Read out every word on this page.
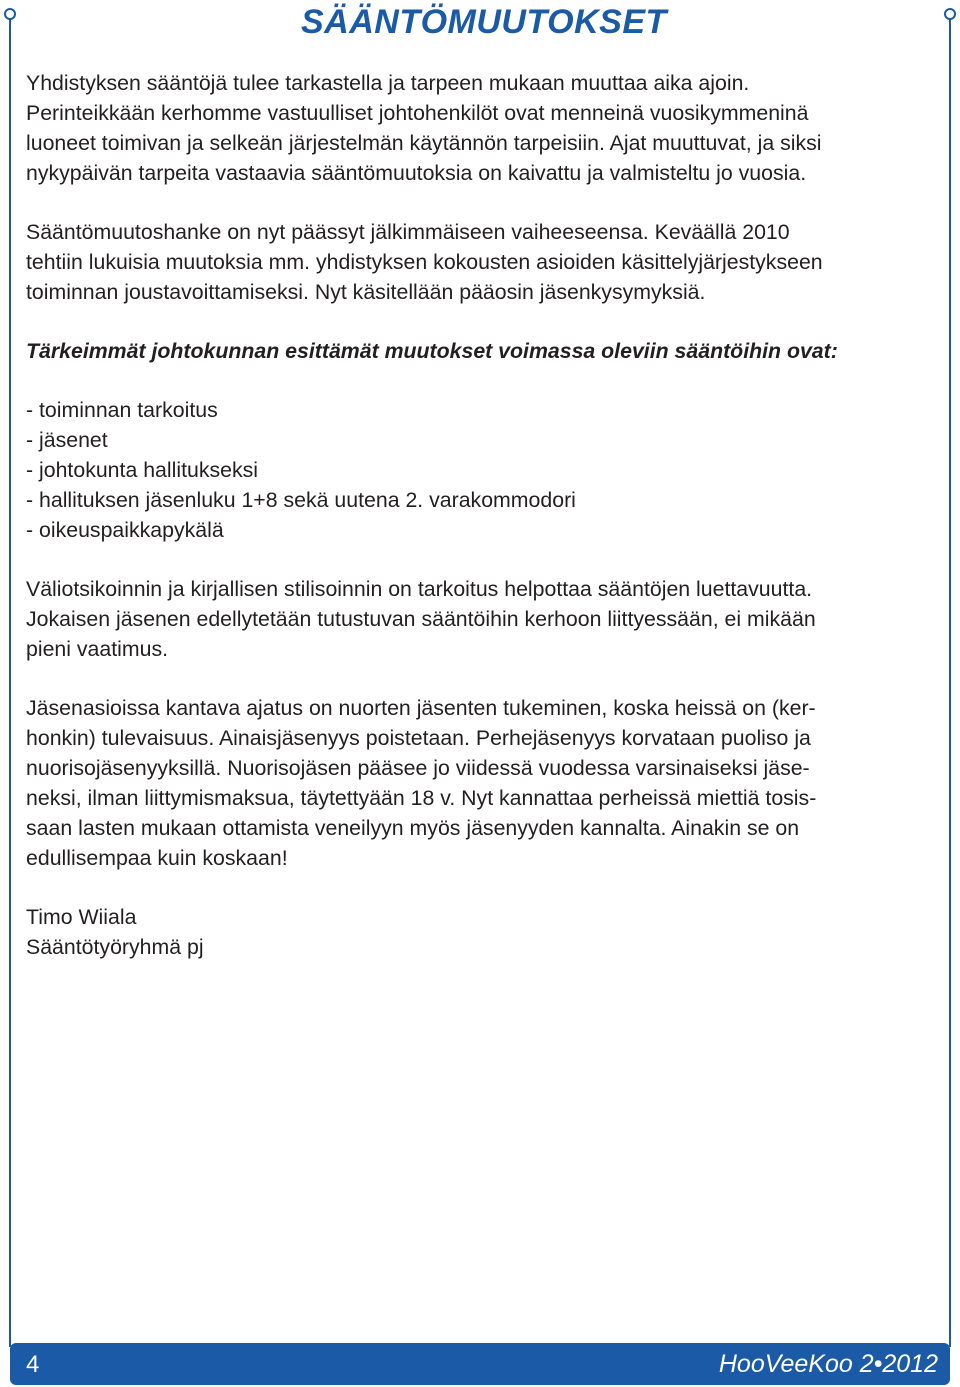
SÄÄNTÖMUUTOKSET
Yhdistyksen sääntöjä tulee tarkastella ja tarpeen mukaan muuttaa aika ajoin.
Perinteikkään kerhomme vastuulliset johtohenkilöt ovat menneinä vuosikymmeninä
luoneet toimivan ja selkeän järjestelmän käytännön tarpeisiin. Ajat muuttuvat, ja siksi
nykypäivän tarpeita vastaavia sääntömuutoksia on kaivattu ja valmisteltu jo vuosia.
Sääntömuutoshanke on nyt päässyt jälkimmäiseen vaiheeseensa. Keväällä 2010
tehtiin lukuisia muutoksia mm. yhdistyksen kokousten asioiden käsittelyjärjestykseen
toiminnan joustavoittamiseksi. Nyt käsitellään pääosin jäsenkysymyksiä.
Tärkeimmät johtokunnan esittämät muutokset voimassa oleviin sääntöihin ovat:
- toiminnan tarkoitus
- jäsenet
- johtokunta hallitukseksi
- hallituksen jäsenluku 1+8 sekä uutena 2. varakommodori
- oikeuspaikkapykälä
Väliotsikoinnin ja kirjallisen stilisoinnin on tarkoitus helpottaa sääntöjen luettavuutta.
Jokaisen jäsenen edellytetään tutustuvan sääntöihin kerhoon liittyessään, ei mikään
pieni vaatimus.
Jäsenasioissa kantava ajatus on nuorten jäsenten tukeminen, koska heissä on (ker-
honkin) tulevaisuus. Ainaisjäsenyys poistetaan. Perhejäsenyys korvataan puoliso ja
nuorisojäsenyyksillä. Nuorisojäsen pääsee jo viidessä vuodessa varsinaiseksi jäse-
neksi, ilman liittymismaksua, täytettyään 18 v. Nyt kannattaa perheissä miettiä tosis-
saan lasten mukaan ottamista veneilyyn myös jäsenyyden kannalta. Ainakin se on
edullisempaa kuin koskaan!
Timo Wiiala
Sääntötyöryhmä pj
4	HooVeeKoo 2•2012
